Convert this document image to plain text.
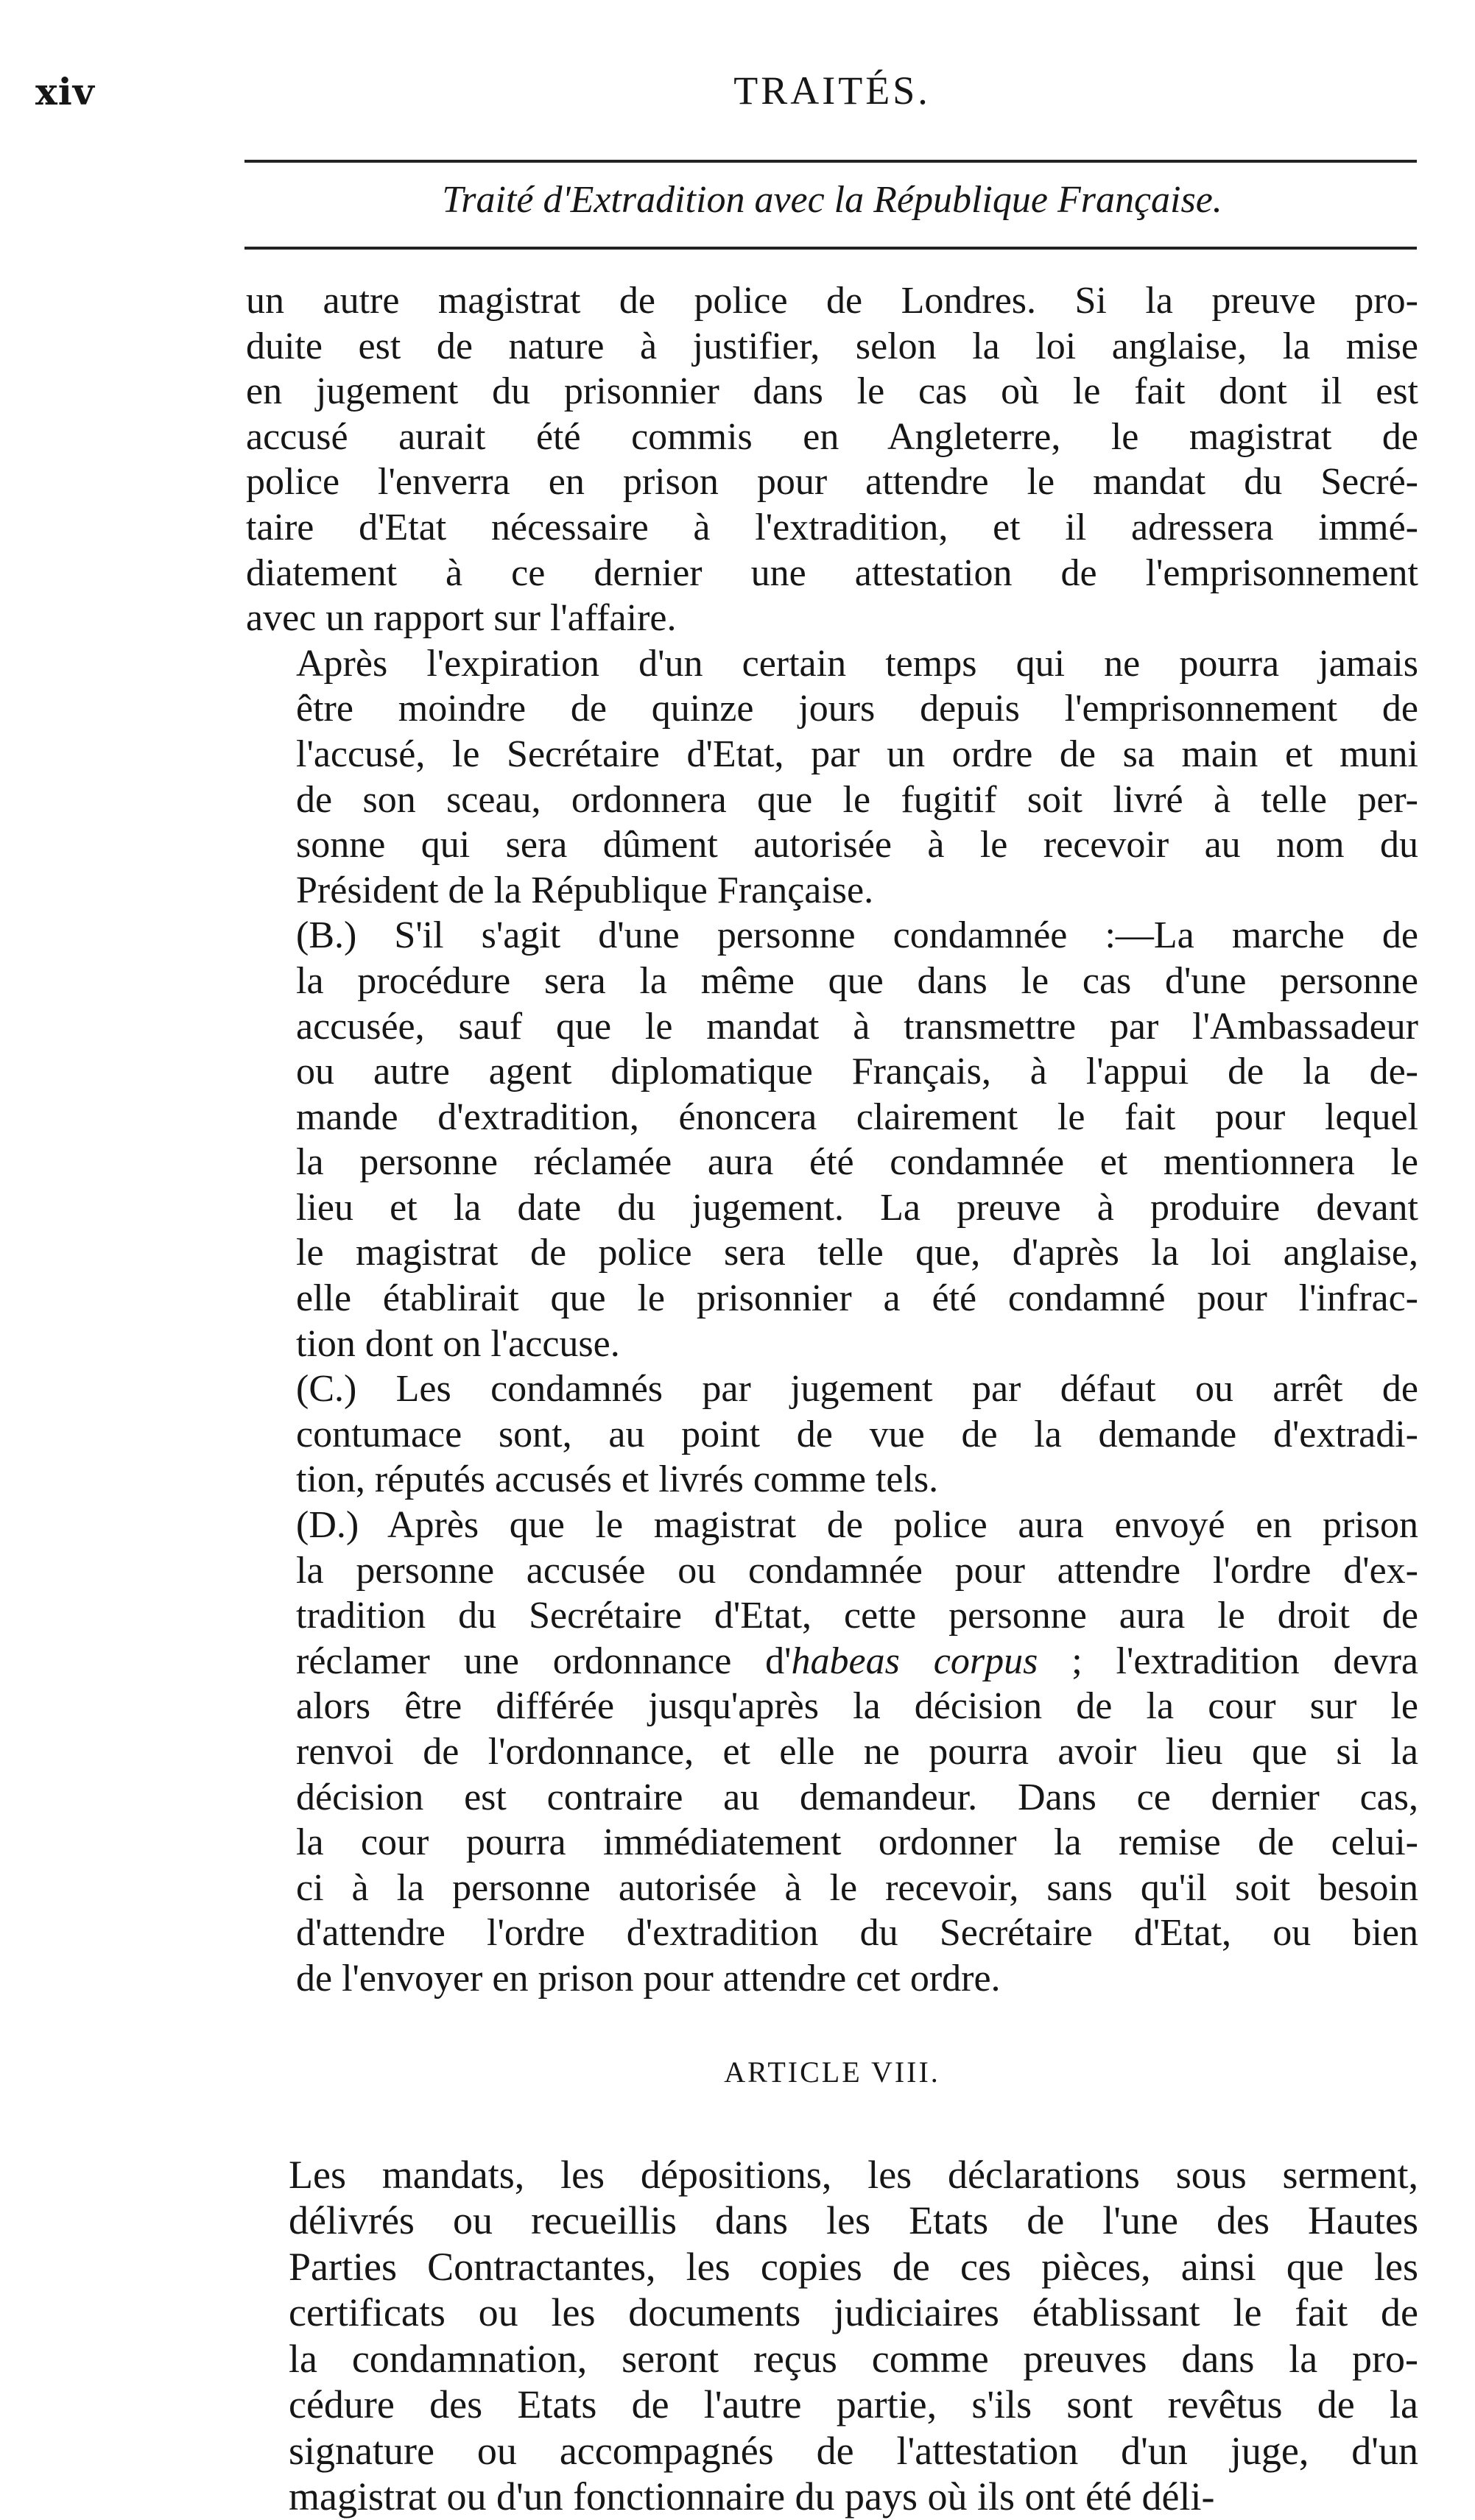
xiv	TRAITÉS.
Traité d'Extradition avec la République Française.

un autre magistrat de police de Londres. Si la preuve pro-
duite est de nature à justifier, selon la loi anglaise, la mise
en jugement du prisonnier dans le cas où le fait dont il est
accusé aurait été commis en Angleterre, le magistrat de
police l'enverra en prison pour attendre le mandat du Secré-
taire d'Etat nécessaire à l'extradition, et il adressera immé-
diatement à ce dernier une attestation de l'emprisonnement
avec un rapport sur l'affaire.

Après l'expiration d'un certain temps qui ne pourra jamais
être moindre de quinze jours depuis l'emprisonnement de
l'accusé, le Secrétaire d'Etat, par un ordre de sa main et muni
de son sceau, ordonnera que le fugitif soit livré à telle per-
sonne qui sera dûment autorisée à le recevoir au nom du
Président de la République Française.

(B.) S'il s'agit d'une personne condamnée :—La marche de
la procédure sera la même que dans le cas d'une personne
accusée, sauf que le mandat à transmettre par l'Ambassadeur
ou autre agent diplomatique Français, à l'appui de la de-
mande d'extradition, énoncera clairement le fait pour lequel
la personne réclamée aura été condamnée et mentionnera le
lieu et la date du jugement. La preuve à produire devant
le magistrat de police sera telle que, d'après la loi anglaise,
elle établirait que le prisonnier a été condamné pour l'infrac-
tion dont on l'accuse.

(C.) Les condamnés par jugement par défaut ou arrêt de
contumace sont, au point de vue de la demande d'extradi-
tion, réputés accusés et livrés comme tels.

(D.) Après que le magistrat de police aura envoyé en prison
la personne accusée ou condamnée pour attendre l'ordre d'ex-
tradition du Secrétaire d'Etat, cette personne aura le droit de
réclamer une ordonnance d'habeas corpus ; l'extradition devra
alors être différée jusqu'après la décision de la cour sur le
renvoi de l'ordonnance, et elle ne pourra avoir lieu que si la
décision est contraire au demandeur. Dans ce dernier cas,
la cour pourra immédiatement ordonner la remise de celui-
ci à la personne autorisée à le recevoir, sans qu'il soit besoin
d'attendre l'ordre d'extradition du Secrétaire d'Etat, ou bien
de l'envoyer en prison pour attendre cet ordre.

ARTICLE VIII.

Les mandats, les dépositions, les déclarations sous serment,
délivrés ou recueillis dans les Etats de l'une des Hautes
Parties Contractantes, les copies de ces pièces, ainsi que les
certificats ou les documents judiciaires établissant le fait de
la condamnation, seront reçus comme preuves dans la pro-
cédure des Etats de l'autre partie, s'ils sont revêtus de la
signature ou accompagnés de l'attestation d'un juge, d'un
magistrat ou d'un fonctionnaire du pays où ils ont été déli-
